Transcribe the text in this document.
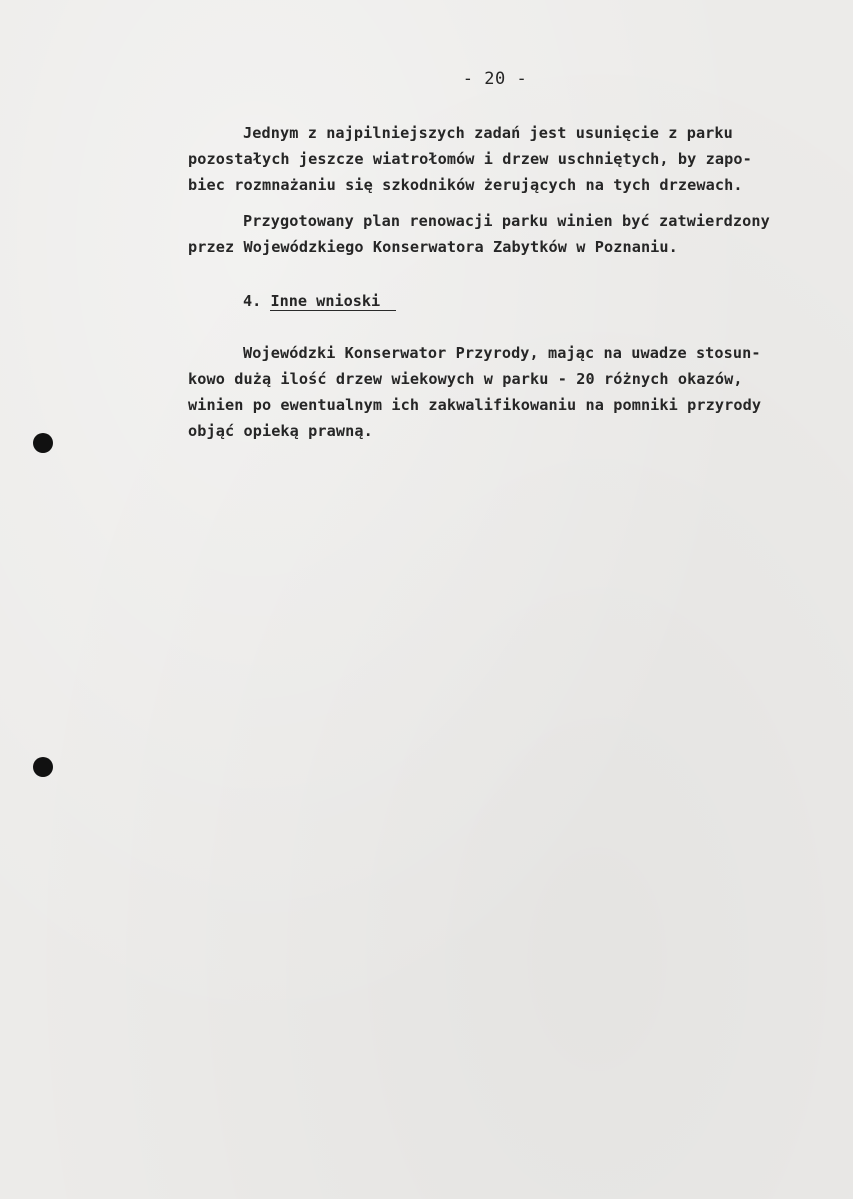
- 20 -

Jednym z najpilniejszych zadań jest usunięcie z parku
pozostałych jeszcze wiatrołomów i drzew uschniętych, by zapo-
biec rozmnażaniu się szkodników żerujących na tych drzewach.

Przygotowany plan renowacji parku winien być zatwierdzony
przez Wojewódzkiego Konserwatora Zabytków w Poznaniu.

4. Inne wnioski

Wojewódzki Konserwator Przyrody, mając na uwadze stosun-
kowo dużą ilość drzew wiekowych w parku - 20 różnych okazów,
winien po ewentualnym ich zakwalifikowaniu na pomniki przyrody
objąć opieką prawną.
